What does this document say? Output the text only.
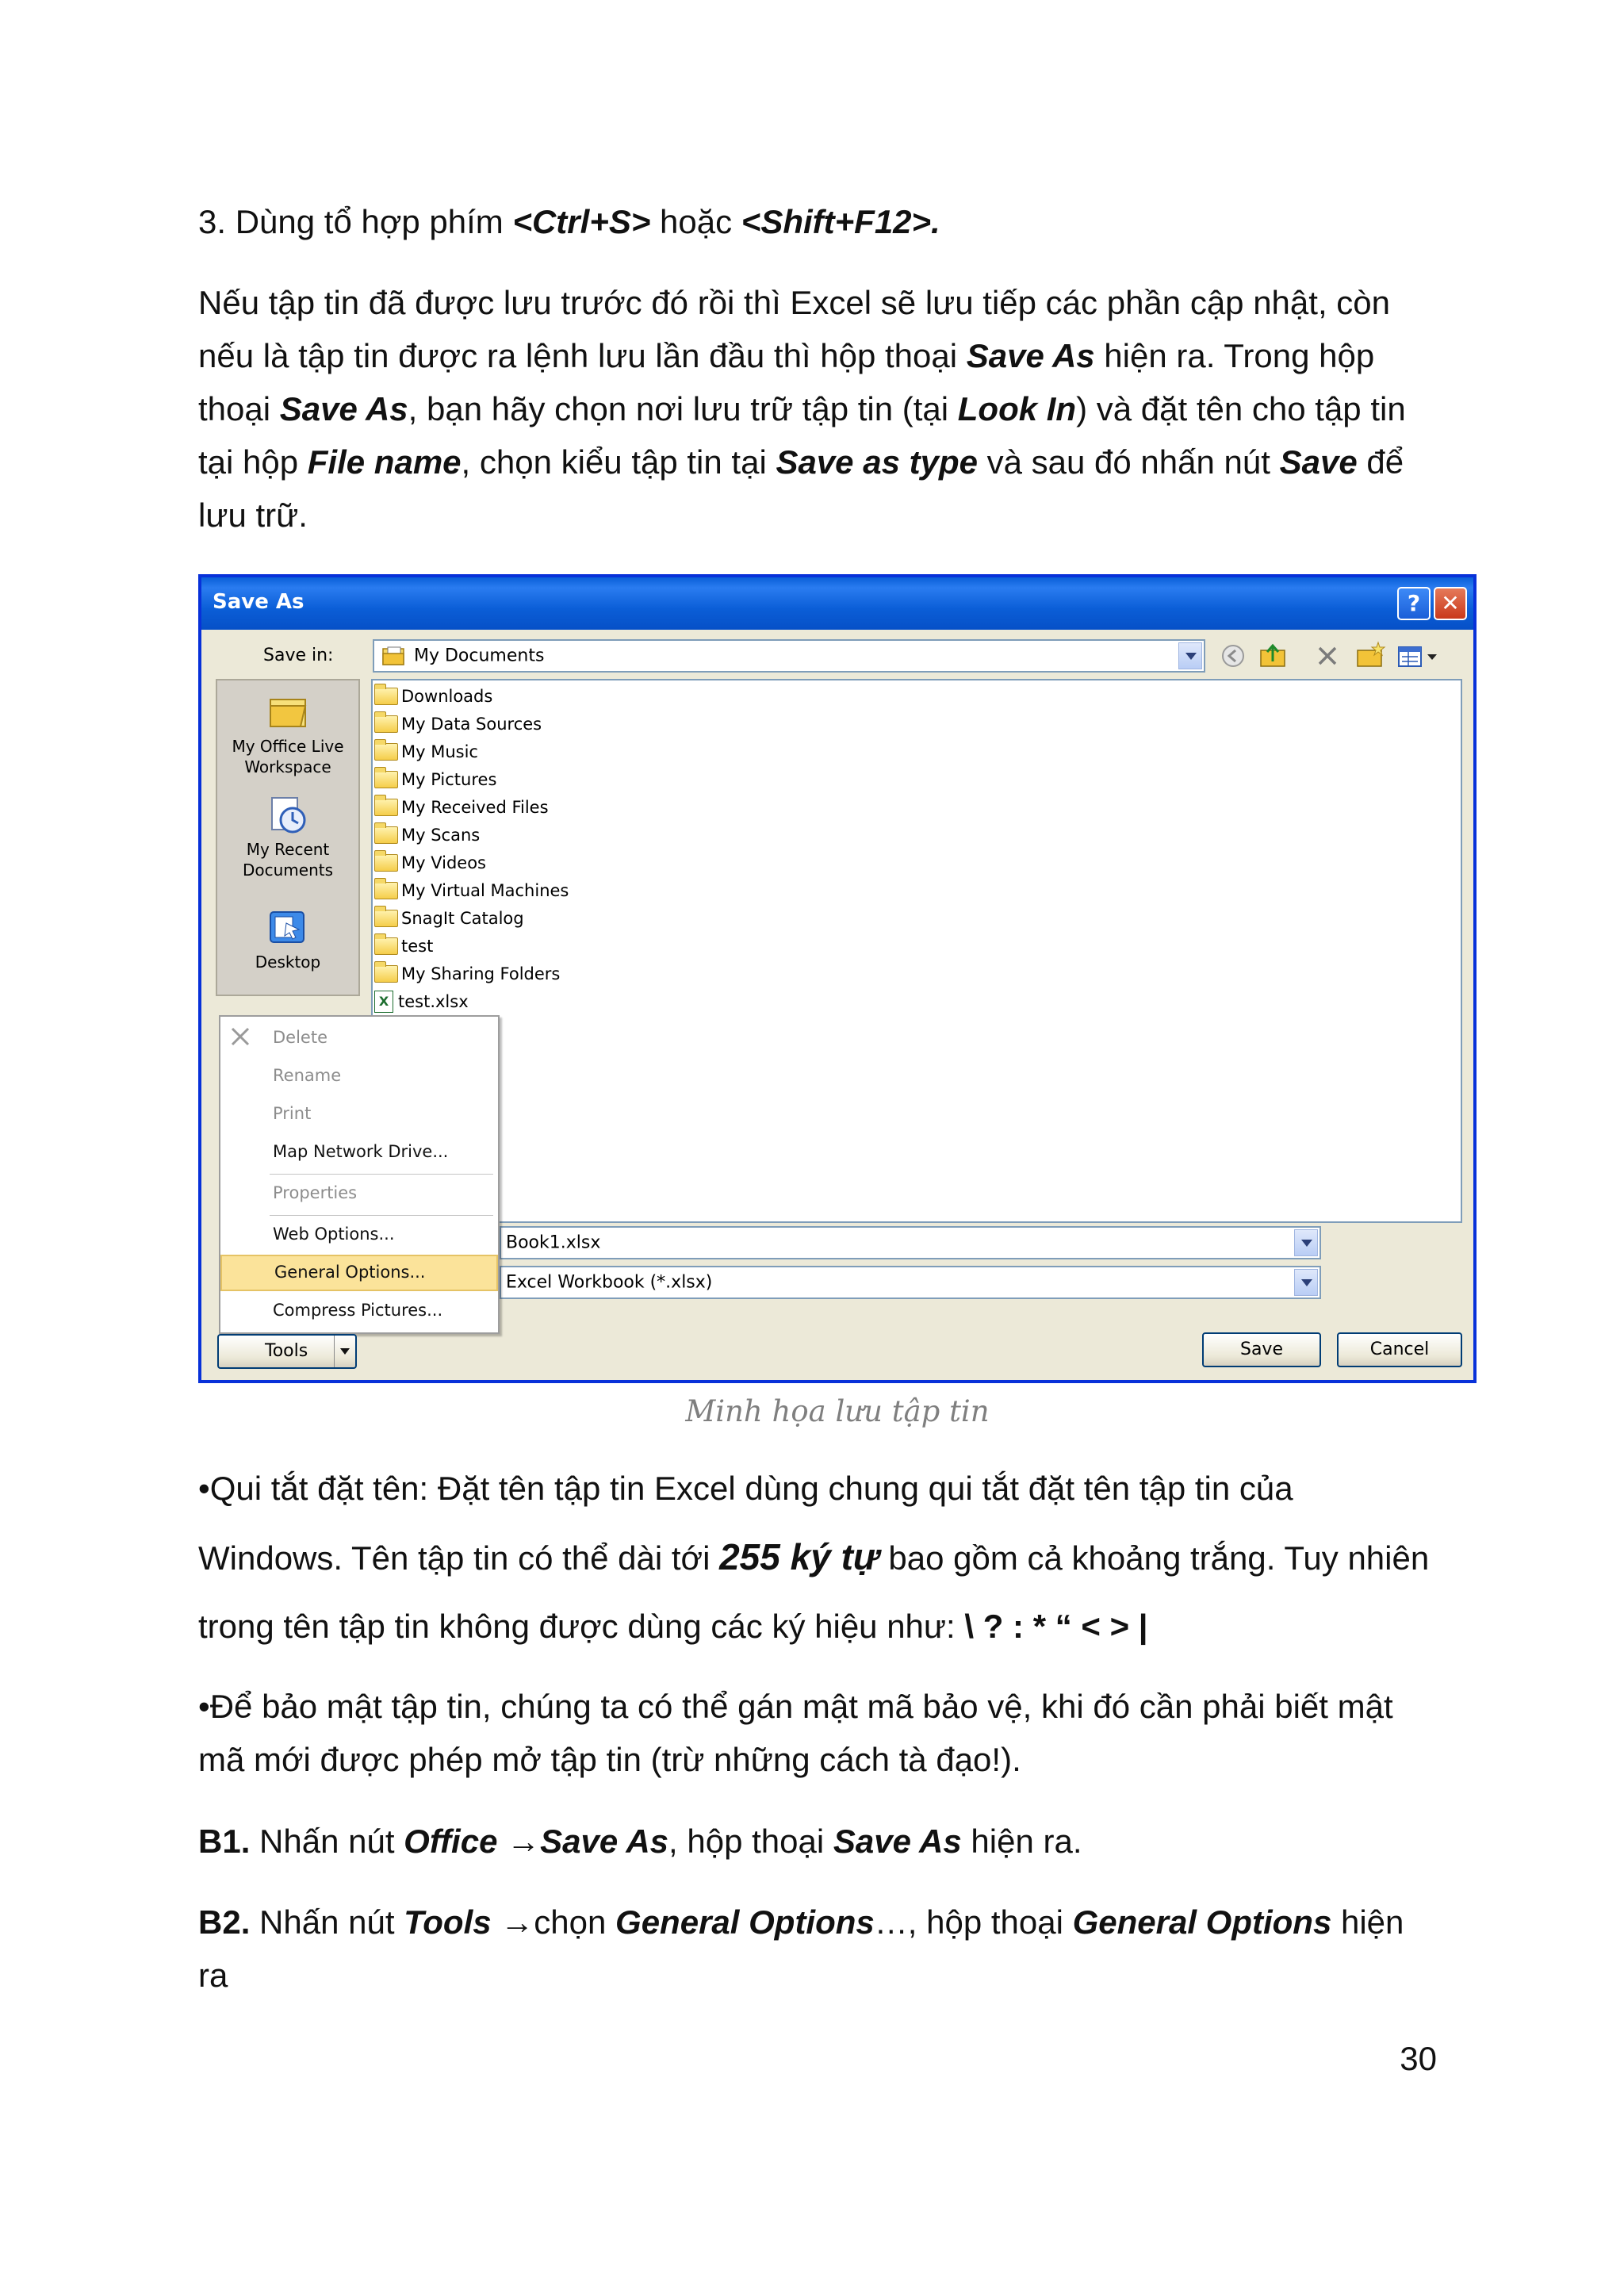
3. Dùng tổ hợp phím <Ctrl+S> hoặc <Shift+F12>.
Nếu tập tin đã được lưu trước đó rồi thì Excel sẽ lưu tiếp các phần cập nhật, còn nếu là tập tin được ra lệnh lưu lần đầu thì hộp thoại Save As hiện ra. Trong hộp thoại Save As, bạn hãy chọn nơi lưu trữ tập tin (tại Look In) và đặt tên cho tập tin tại hộp File name, chọn kiểu tập tin tại Save as type và sau đó nhấn nút Save để lưu trữ.
Save As	? ✕
Save in:	My Documents
My Office Live Workspace
My Recent Documents
Desktop
Downloads
My Data Sources
My Music
My Pictures
My Received Files
My Scans
My Videos
My Virtual Machines
SnagIt Catalog
test
My Sharing Folders
X test.xlsx
Book1.xlsx
Excel Workbook (*.xlsx)
Delete
Rename
Print
Map Network Drive...
Properties
Web Options...
General Options...
Compress Pictures...
Tools	Save	Cancel
Minh họa lưu tập tin
•Qui tắt đặt tên: Đặt tên tập tin Excel dùng chung qui tắt đặt tên tập tin của Windows. Tên tập tin có thể dài tới 255 ký tự bao gồm cả khoảng trắng. Tuy nhiên trong tên tập tin không được dùng các ký hiệu như: \ ? : * “ < > |
•Để bảo mật tập tin, chúng ta có thể gán mật mã bảo vệ, khi đó cần phải biết mật mã mới được phép mở tập tin (trừ những cách tà đạo!).
B1. Nhấn nút Office →Save As, hộp thoại Save As hiện ra.
B2. Nhấn nút Tools →chọn General Options…, hộp thoại General Options hiện ra
30
